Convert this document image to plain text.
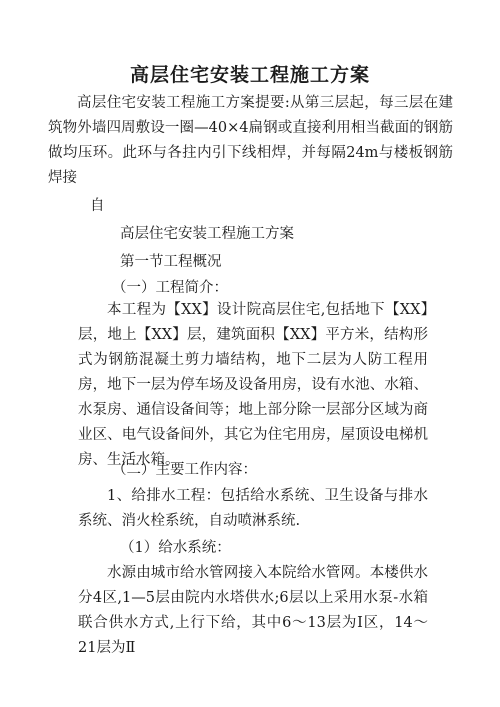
高层住宅安装工程施工方案

高层住宅安装工程施工方案提要:从第三层起，每三层在建筑物外墙四周敷设一圈—40×4扁钢或直接利用相当截面的钢筋做均压环。此环与各拄内引下线相焊，并每隔24m与楼板钢筋焊接

自

高层住宅安装工程施工方案

第一节工程概况

（一）工程简介：

本工程为【XX】设计院高层住宅,包括地下【XX】层，地上【XX】层，建筑面积【XX】平方米，结构形式为钢筋混凝土剪力墙结构，地下二层为人防工程用房，地下一层为停车场及设备用房，设有水池、水箱、水泵房、通信设备间等；地上部分除一层部分区域为商业区、电气设备间外，其它为住宅用房，屋顶设电梯机房、生活水箱。

（二）主要工作内容：

1、给排水工程：包括给水系统、卫生设备与排水系统、消火栓系统，自动喷淋系统.

（1）给水系统：

水源由城市给水管网接入本院给水管网。本楼供水分4区,1—5层由院内水塔供水;6层以上采用水泵-水箱联合供水方式,上行下给，其中6～13层为Ⅰ区，14～21层为Ⅱ
